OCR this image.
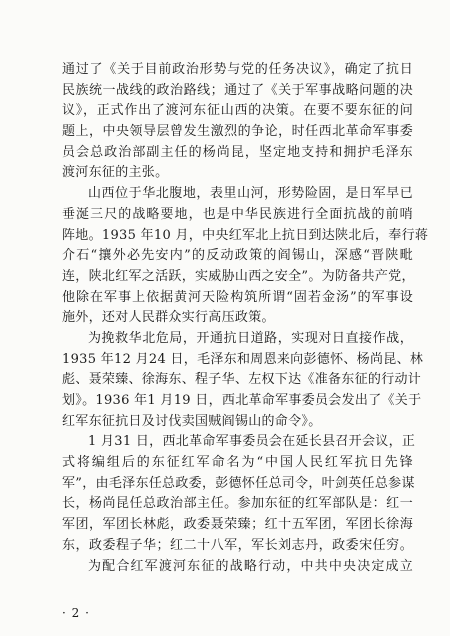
通过了《关于目前政治形势与党的任务决议》，确定了抗日
民族统一战线的政治路线；通过了《关于军事战略问题的决
议》，正式作出了渡河东征山西的决策。在要不要东征的问
题上，中央领导层曾发生激烈的争论，时任西北革命军事委
员会总政治部副主任的杨尚昆，坚定地支持和拥护毛泽东
渡河东征的主张。
山西位于华北腹地，表里山河，形势险固，是日军早已
垂涎三尺的战略要地，也是中华民族进行全面抗战的前哨
阵地。1935 年10 月，中央红军北上抗日到达陕北后，奉行蒋
介石“攘外必先安内”的反动政策的阎锡山，深感“晋陕毗
连，陕北红军之活跃，实威胁山西之安全”。为防备共产党，
他除在军事上依据黄河天险构筑所谓“固若金汤”的军事设
施外，还对人民群众实行高压政策。
为挽救华北危局，开通抗日道路，实现对日直接作战，
1935 年12 月24 日，毛泽东和周恩来向彭德怀、杨尚昆、林
彪、聂荣臻、徐海东、程子华、左权下达《准备东征的行动计
划》。1936 年1 月19 日，西北革命军事委员会发出了《关于
红军东征抗日及讨伐卖国贼阎锡山的命令》。
1 月31 日，西北革命军事委员会在延长县召开会议，正
式将编组后的东征红军命名为“中国人民红军抗日先锋
军”，由毛泽东任总政委，彭德怀任总司令，叶剑英任总参谋
长，杨尚昆任总政治部主任。参加东征的红军部队是：红一
军团，军团长林彪，政委聂荣臻；红十五军团，军团长徐海
东，政委程子华；红二十八军，军长刘志丹，政委宋任穷。
为配合红军渡河东征的战略行动，中共中央决定成立
· 2 ·
